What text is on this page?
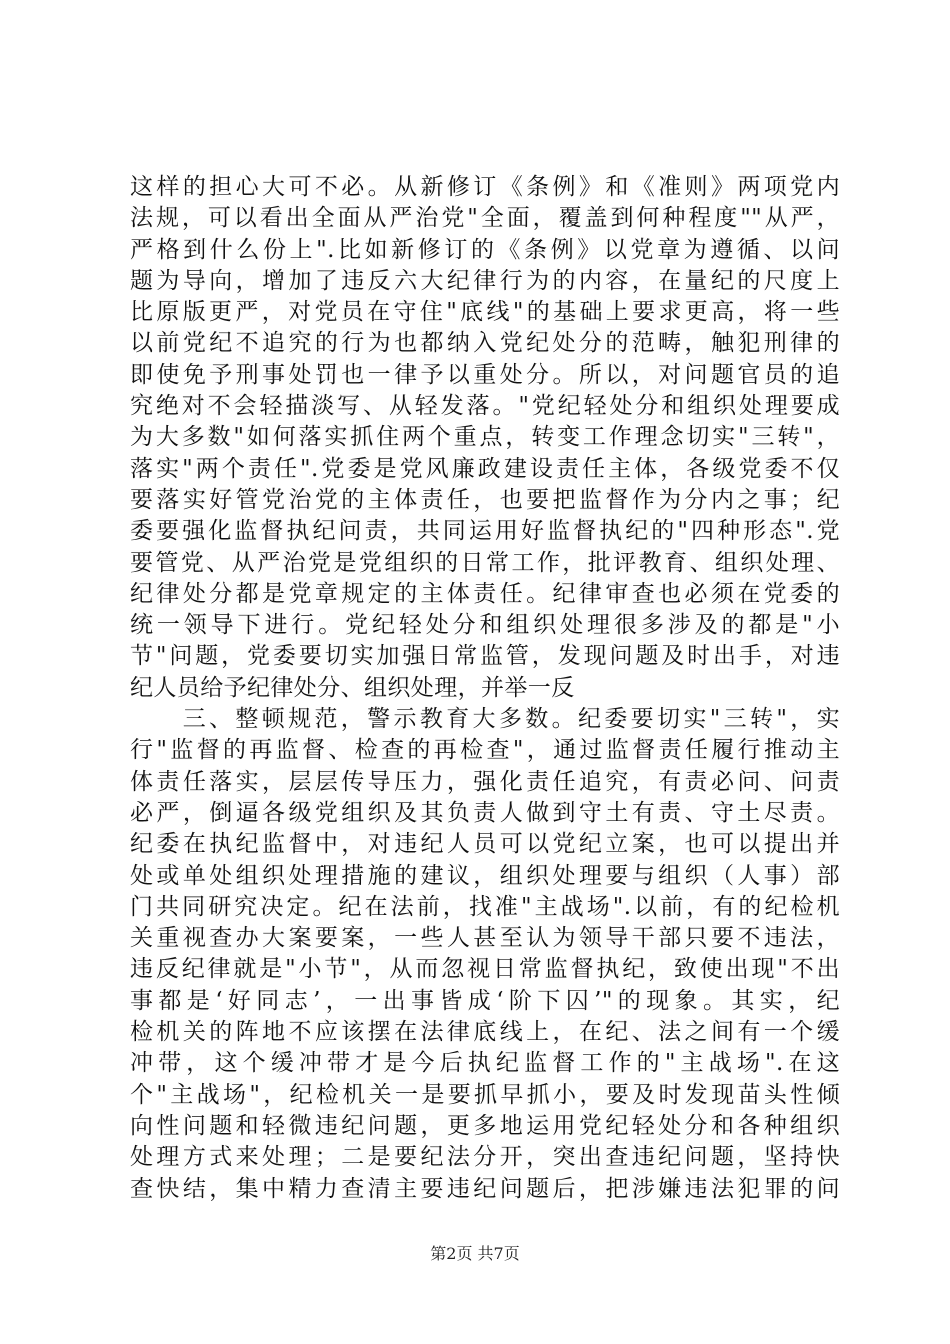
这样的担心大可不必。从新修订《条例》和《准则》两项党内
法规，可以看出全面从严治党"全面，覆盖到何种程度""从严，
严格到什么份上".比如新修订的《条例》以党章为遵循、以问
题为导向，增加了违反六大纪律行为的内容，在量纪的尺度上
比原版更严，对党员在守住"底线"的基础上要求更高，将一些
以前党纪不追究的行为也都纳入党纪处分的范畴，触犯刑律的
即使免予刑事处罚也一律予以重处分。所以，对问题官员的追
究绝对不会轻描淡写、从轻发落。"党纪轻处分和组织处理要成
为大多数"如何落实抓住两个重点，转变工作理念切实"三转"，
落实"两个责任".党委是党风廉政建设责任主体，各级党委不仅
要落实好管党治党的主体责任，也要把监督作为分内之事；纪
委要强化监督执纪问责，共同运用好监督执纪的"四种形态".党
要管党、从严治党是党组织的日常工作，批评教育、组织处理、
纪律处分都是党章规定的主体责任。纪律审查也必须在党委的
统一领导下进行。党纪轻处分和组织处理很多涉及的都是"小
节"问题，党委要切实加强日常监管，发现问题及时出手，对违
纪人员给予纪律处分、组织处理，并举一反
　　三、整顿规范，警示教育大多数。纪委要切实"三转"，实
行"监督的再监督、检查的再检查"，通过监督责任履行推动主
体责任落实，层层传导压力，强化责任追究，有责必问、问责
必严，倒逼各级党组织及其负责人做到守土有责、守土尽责。
纪委在执纪监督中，对违纪人员可以党纪立案，也可以提出并
处或单处组织处理措施的建议，组织处理要与组织（人事）部
门共同研究决定。纪在法前，找准"主战场".以前，有的纪检机
关重视查办大案要案，一些人甚至认为领导干部只要不违法，
违反纪律就是"小节"，从而忽视日常监督执纪，致使出现"不出
事都是‘好同志’，一出事皆成‘阶下囚’"的现象。其实，纪
检机关的阵地不应该摆在法律底线上，在纪、法之间有一个缓
冲带，这个缓冲带才是今后执纪监督工作的"主战场".在这
个"主战场"，纪检机关一是要抓早抓小，要及时发现苗头性倾
向性问题和轻微违纪问题，更多地运用党纪轻处分和各种组织
处理方式来处理；二是要纪法分开，突出查违纪问题，坚持快
查快结，集中精力查清主要违纪问题后，把涉嫌违法犯罪的问
第2页 共7页
